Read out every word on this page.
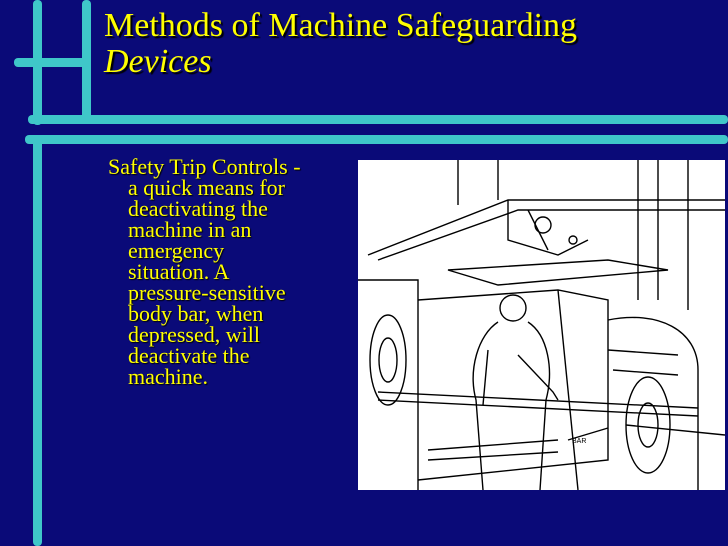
Methods of Machine Safeguarding
Devices
Safety Trip Controls -
a quick means for
deactivating the
machine in an
emergency
situation. A
pressure-sensitive
body bar, when
depressed, will
deactivate the
machine.
BAR
